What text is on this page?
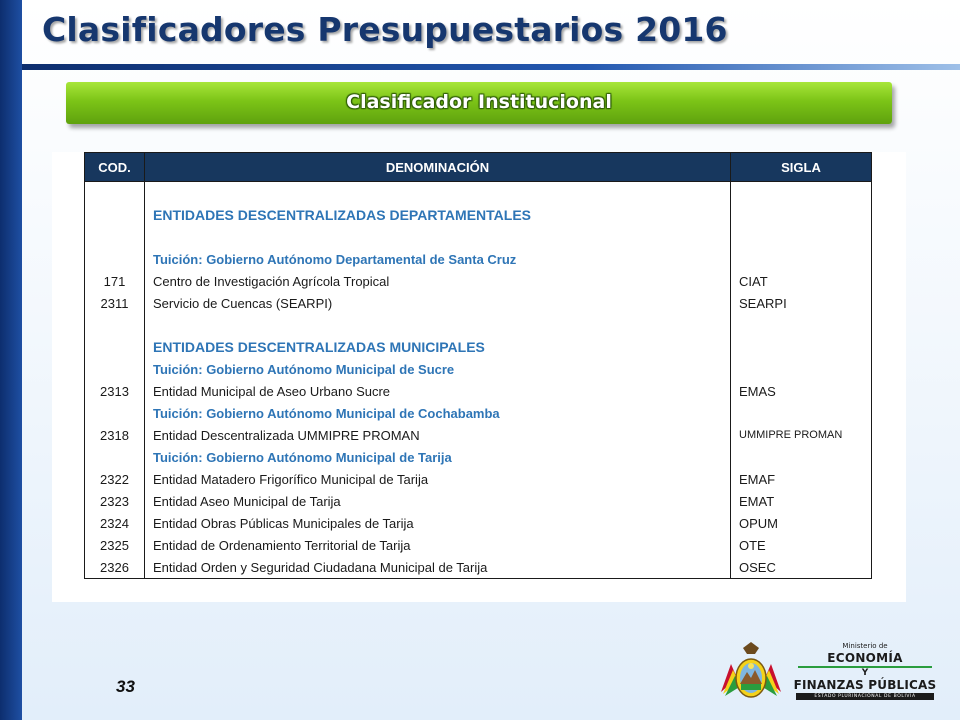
Clasificadores Presupuestarios 2016
Clasificador Institucional
COD.	DENOMINACIÓN	SIGLA

	ENTIDADES DESCENTRALIZADAS DEPARTAMENTALES	

	Tuición: Gobierno Autónomo Departamental de Santa Cruz	
171	Centro de Investigación Agrícola Tropical	CIAT
2311	Servicio de Cuencas (SEARPI)	SEARPI

	ENTIDADES DESCENTRALIZADAS MUNICIPALES	
	Tuición: Gobierno Autónomo Municipal de Sucre	
2313	Entidad Municipal de Aseo Urbano Sucre	EMAS
	Tuición: Gobierno Autónomo Municipal de Cochabamba	
2318	Entidad Descentralizada UMMIPRE PROMAN	UMMIPRE PROMAN
	Tuición: Gobierno Autónomo Municipal de Tarija	
2322	Entidad Matadero Frigorífico Municipal de Tarija	EMAF
2323	Entidad Aseo Municipal de Tarija	EMAT
2324	Entidad Obras Públicas Municipales de Tarija	OPUM
2325	Entidad de Ordenamiento Territorial de Tarija	OTE
2326	Entidad Orden y Seguridad Ciudadana Municipal de Tarija	OSEC
33
Ministerio de
ECONOMÍA
Y
FINANZAS PÚBLICAS
ESTADO PLURINACIONAL DE BOLIVIA
